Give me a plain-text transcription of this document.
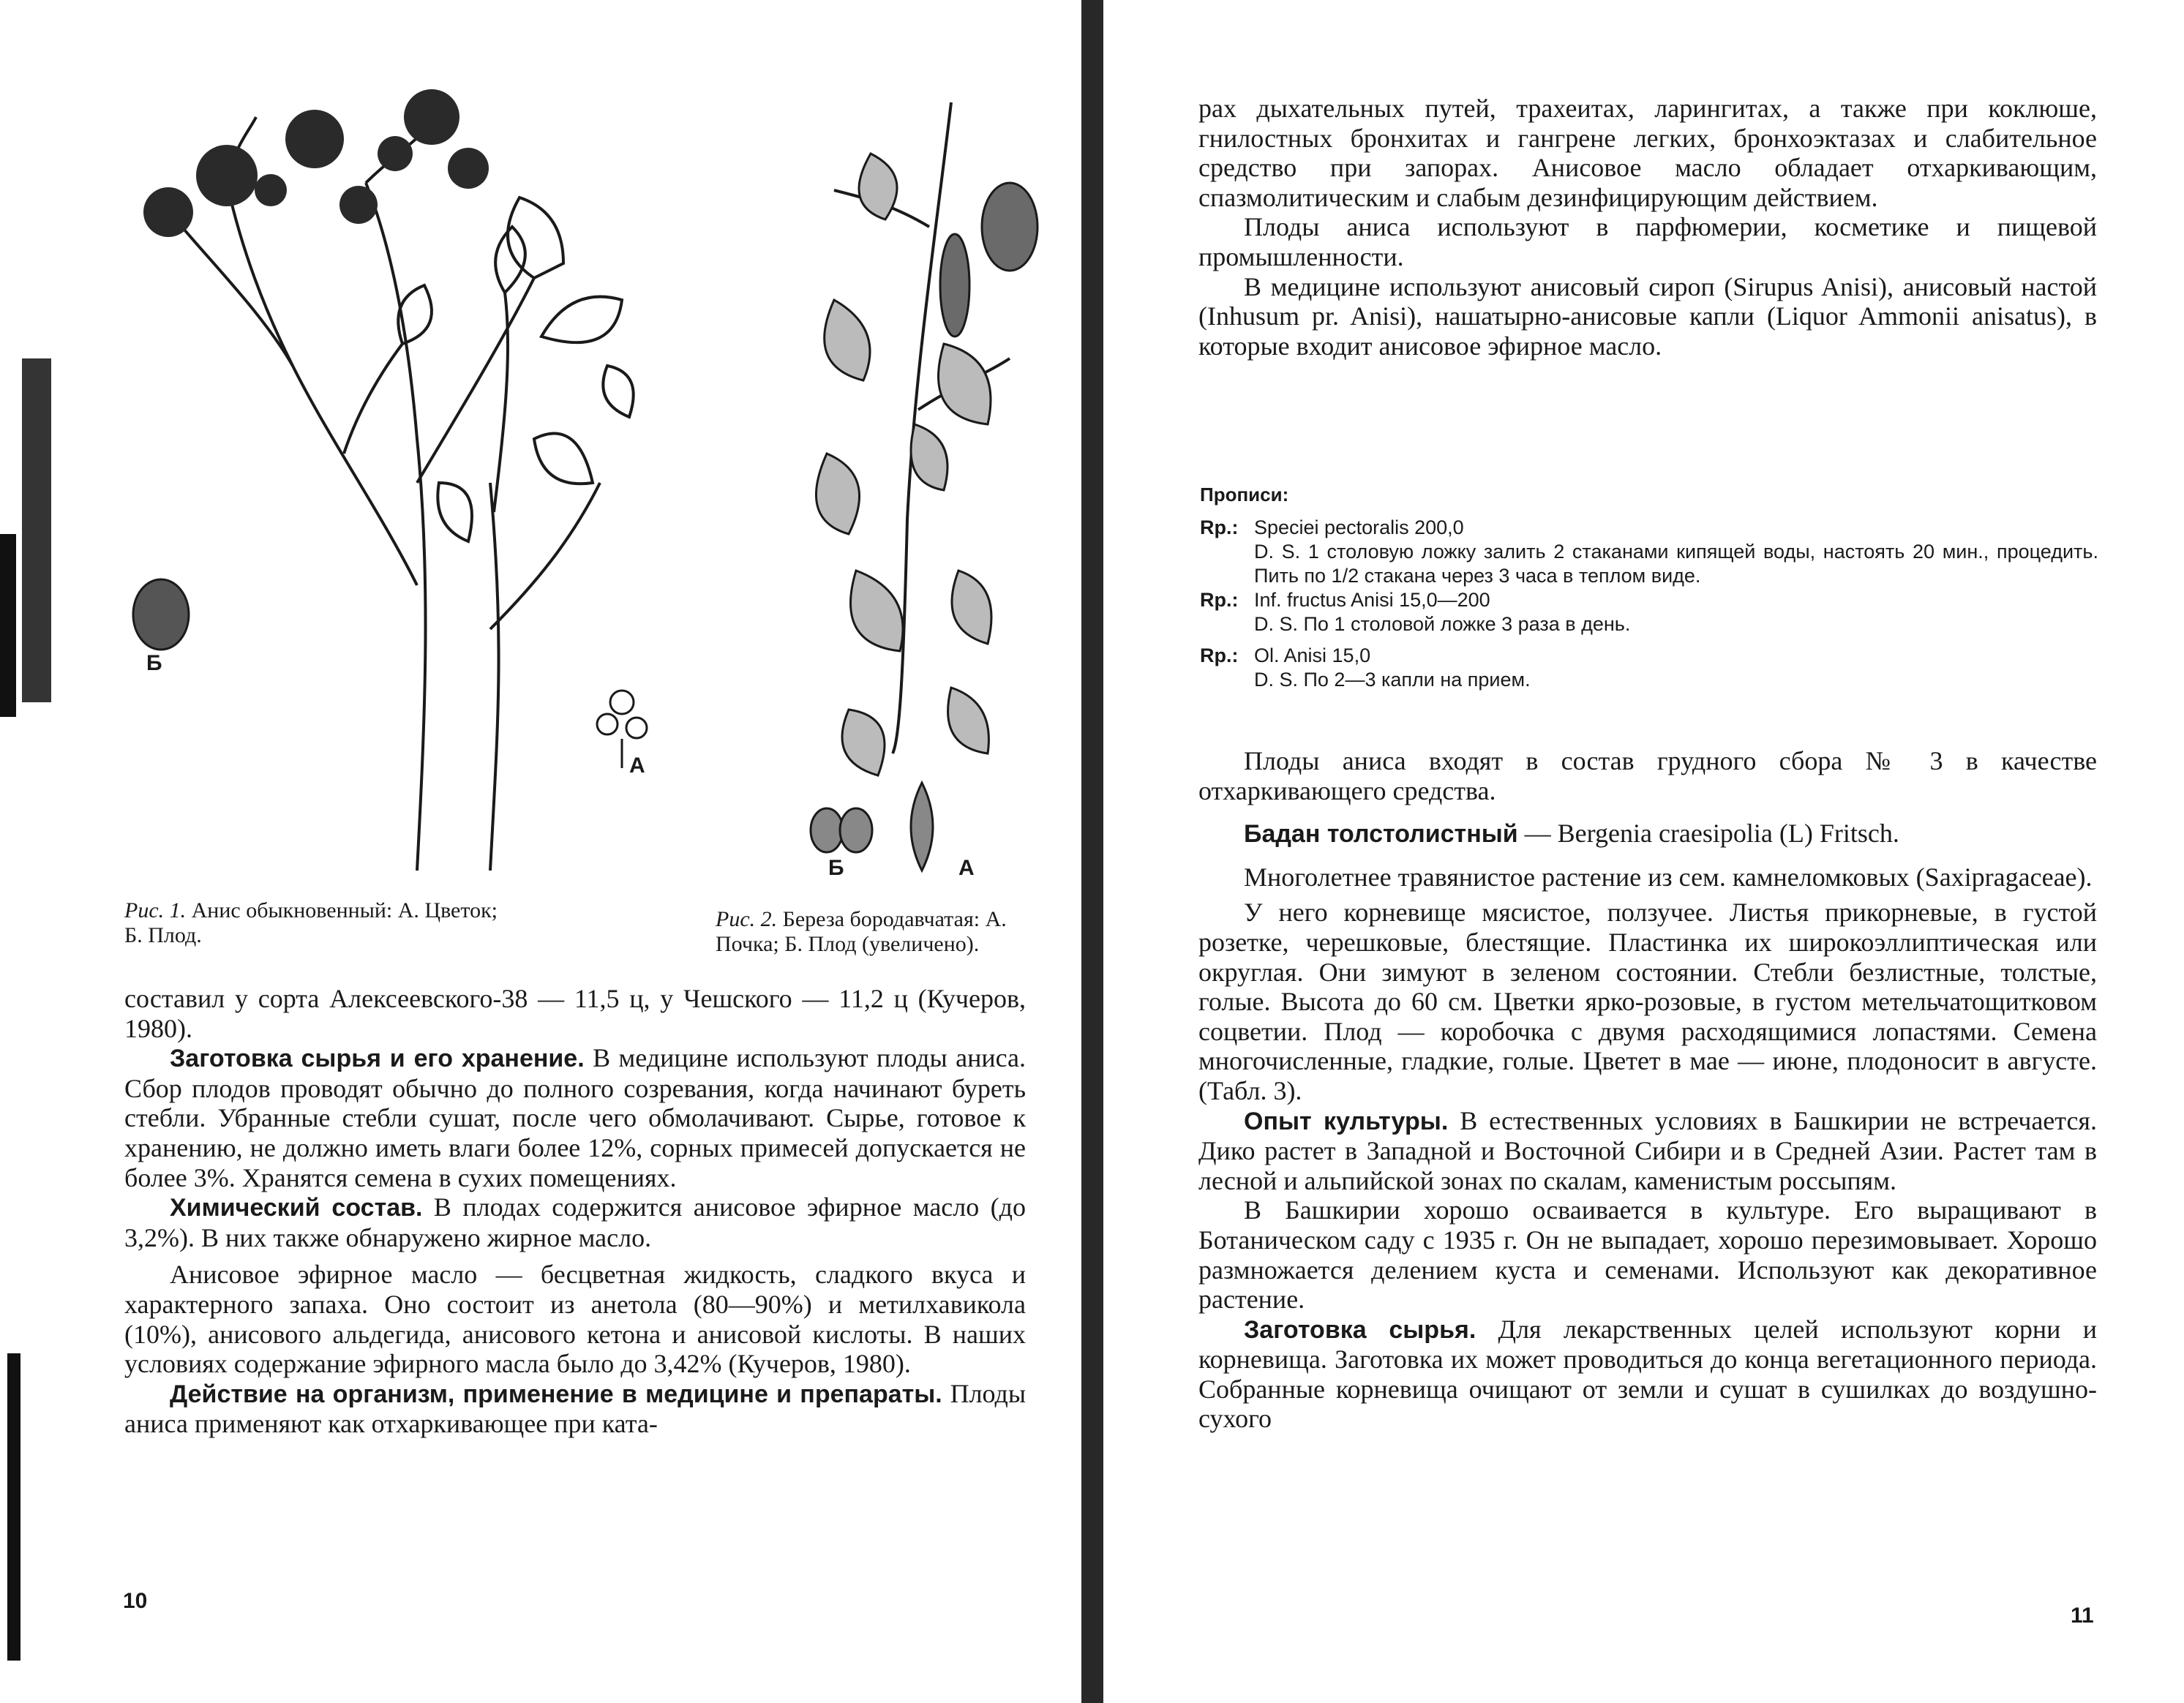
Б
А
Б	А
Рис. 1. Анис обыкновенный: А. Цветок; Б. Плод.
Рис. 2. Береза бородавчатая: А. Почка; Б. Плод (увеличено).

составил у сорта Алексеевского-38 — 11,5 ц, у Чешского — 11,2 ц (Кучеров, 1980).

Заготовка сырья и его хранение. В медицине используют плоды аниса. Сбор плодов проводят обычно до полного созревания, когда начинают буреть стебли. Убранные стебли сушат, после чего обмолачивают. Сырье, готовое к хранению, не должно иметь влаги более 12%, сорных примесей допускается не более 3%. Хранятся семена в сухих помещениях.

Химический состав. В плодах содержится анисовое эфирное масло (до 3,2%). В них также обнаружено жирное масло.

Анисовое эфирное масло — бесцветная жидкость, сладкого вкуса и характерного запаха. Оно состоит из анетола (80—90%) и метилхавикола (10%), анисового альдегида, анисового кетона и анисовой кислоты. В наших условиях содержание эфирного масла было до 3,42% (Кучеров, 1980).

Действие на организм, применение в медицине и препараты. Плоды аниса применяют как отхаркивающее при ката-

10

рах дыхательных путей, трахеитах, ларингитах, а также при коклюше, гнилостных бронхитах и гангрене легких, бронхоэктазах и слабительное средство при запорах. Анисовое масло обладает отхаркивающим, спазмолитическим и слабым дезинфицирующим действием.

Плоды аниса используют в парфюмерии, косметике и пищевой промышленности.

В медицине используют анисовый сироп (Sirupus Anisi), анисовый настой (Inhusum pr. Anisi), нашатырно-анисовые капли (Liquor Ammonii anisatus), в которые входит анисовое эфирное масло.

Прописи:
Rp.: Speciei pectoralis 200,0
D. S. 1 столовую ложку залить 2 стаканами кипящей воды, настоять 20 мин., процедить. Пить по 1/2 стакана через 3 часа в теплом виде.
Rp.: Inf. fructus Anisi 15,0—200
D. S. По 1 столовой ложке 3 раза в день.
Rp.: Ol. Anisi 15,0
D. S. По 2—3 капли на прием.

Плоды аниса входят в состав грудного сбора № 3 в качестве отхаркивающего средства.

Бадан толстолистный — Bergenia craesipolia (L) Fritsch.

Многолетнее травянистое растение из сем. камнеломковых (Saxipragaceae).

У него корневище мясистое, ползучее. Листья прикорневые, в густой розетке, черешковые, блестящие. Пластинка их широкоэллиптическая или округлая. Они зимуют в зеленом состоянии. Стебли безлистные, толстые, голые. Высота до 60 см. Цветки ярко-розовые, в густом метельчатощитковом соцветии. Плод — коробочка с двумя расходящимися лопастями. Семена многочисленные, гладкие, голые. Цветет в мае — июне, плодоносит в августе. (Табл. 3).

Опыт культуры. В естественных условиях в Башкирии не встречается. Дико растет в Западной и Восточной Сибири и в Средней Азии. Растет там в лесной и альпийской зонах по скалам, каменистым россыпям.

В Башкирии хорошо осваивается в культуре. Его выращивают в Ботаническом саду с 1935 г. Он не выпадает, хорошо перезимовывает. Хорошо размножается делением куста и семенами. Используют как декоративное растение.

Заготовка сырья. Для лекарственных целей используют корни и корневища. Заготовка их может проводиться до конца вегетационного периода. Собранные корневища очищают от земли и сушат в сушилках до воздушно-сухого

11
